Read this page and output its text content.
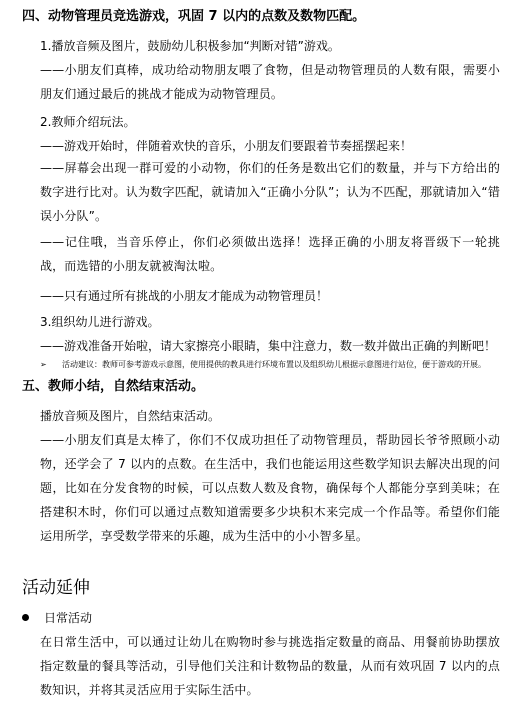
四、动物管理员竞选游戏，巩固 7 以内的点数及数物匹配。
1.播放音频及图片，鼓励幼儿积极参加“判断对错”游戏。
——小朋友们真棒，成功给动物朋友喂了食物，但是动物管理员的人数有限，需要小朋友们通过最后的挑战才能成为动物管理员。
2.教师介绍玩法。
——游戏开始时，伴随着欢快的音乐，小朋友们要跟着节奏摇摆起来！
——屏幕会出现一群可爱的小动物，你们的任务是数出它们的数量，并与下方给出的数字进行比对。认为数字匹配，就请加入“正确小分队”；认为不匹配，那就请加入“错误小分队”。
——记住哦，当音乐停止，你们必须做出选择！选择正确的小朋友将晋级下一轮挑战，而选错的小朋友就被淘汰啦。
——只有通过所有挑战的小朋友才能成为动物管理员！
3.组织幼儿进行游戏。
——游戏准备开始啦，请大家擦亮小眼睛，集中注意力，数一数并做出正确的判断吧！
➢ 活动建议：教师可参考游戏示意图，使用提供的教具进行环境布置以及组织幼儿根据示意图进行站位，便于游戏的开展。
五、教师小结，自然结束活动。
播放音频及图片，自然结束活动。
——小朋友们真是太棒了，你们不仅成功担任了动物管理员，帮助园长爷爷照顾小动物，还学会了 7 以内的点数。在生活中，我们也能运用这些数学知识去解决出现的问题，比如在分发食物的时候，可以点数人数及食物，确保每个人都能分享到美味；在搭建积木时，你们可以通过点数知道需要多少块积木来完成一个作品等。希望你们能运用所学，享受数学带来的乐趣，成为生活中的小小智多星。
活动延伸
日常活动
在日常生活中，可以通过让幼儿在购物时参与挑选指定数量的商品、用餐前协助摆放指定数量的餐具等活动，引导他们关注和计数物品的数量，从而有效巩固 7 以内的点数知识，并将其灵活应用于实际生活中。
